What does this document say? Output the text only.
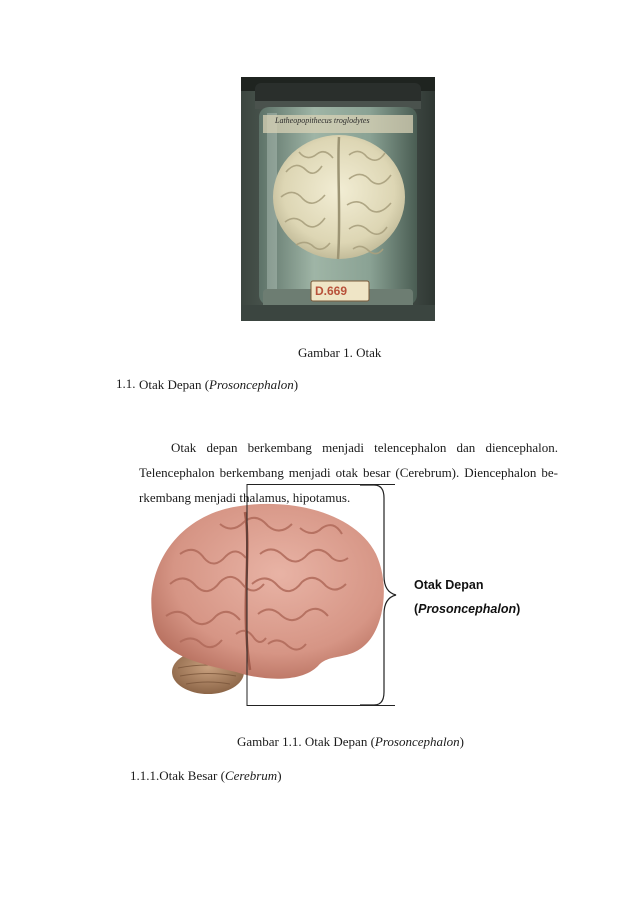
Latheopopithecus troglodytes
D.669
Gambar 1. Otak
1.1. Otak Depan (Prosoncephalon)

Otak depan berkembang menjadi telencephalon dan diencephalon.

Telencephalon berkembang menjadi otak besar (Cerebrum). Diencephalon be-

rkembang menjadi thalamus, hipotamus.

Otak Depan
(Prosoncephalon)
Gambar 1.1. Otak Depan (Prosoncephalon)
1.1.1.Otak Besar (Cerebrum)
